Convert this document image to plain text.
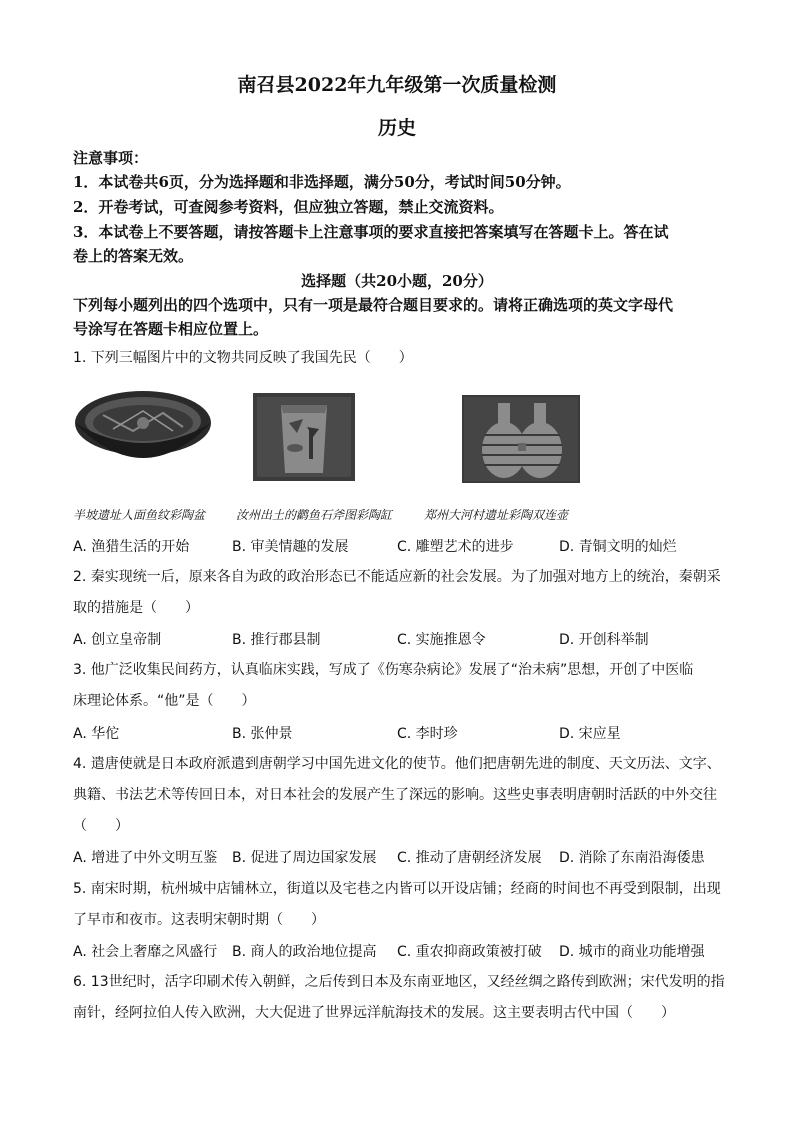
南召县2022年九年级第一次质量检测
历史
注意事项：
1．本试卷共6页，分为选择题和非选择题，满分50分，考试时间50分钟。
2．开卷考试，可查阅参考资料，但应独立答题，禁止交流资料。
3．本试卷上不要答题，请按答题卡上注意事项的要求直接把答案填写在答题卡上。答在试
卷上的答案无效。
选择题（共20小题，20分）
下列每小题列出的四个选项中，只有一项是最符合题目要求的。请将正确选项的英文字母代
号涂写在答题卡相应位置上。
1. 下列三幅图片中的文物共同反映了我国先民（　　）
半坡遗址人面鱼纹彩陶盆	汝州出土的鹳鱼石斧图彩陶缸	郑州大河村遗址彩陶双连壶
A. 渔猎生活的开始	B. 审美情趣的发展	C. 雕塑艺术的进步	D. 青铜文明的灿烂
2. 秦实现统一后，原来各自为政的政治形态已不能适应新的社会发展。为了加强对地方上的统治，秦朝采
取的措施是（　　）
A. 创立皇帝制	B. 推行郡县制	C. 实施推恩令	D. 开创科举制
3. 他广泛收集民间药方，认真临床实践，写成了《伤寒杂病论》发展了“治未病”思想，开创了中医临
床理论体系。“他”是（　　）
A. 华佗	B. 张仲景	C. 李时珍	D. 宋应星
4. 遣唐使就是日本政府派遣到唐朝学习中国先进文化的使节。他们把唐朝先进的制度、天文历法、文字、
典籍、书法艺术等传回日本，对日本社会的发展产生了深远的影响。这些史事表明唐朝时活跃的中外交往
（　　）
A. 增进了中外文明互鉴 B. 促进了周边国家发展 C. 推动了唐朝经济发展 D. 消除了东南沿海倭患
5. 南宋时期，杭州城中店铺林立，街道以及宅巷之内皆可以开设店铺；经商的时间也不再受到限制，出现
了早市和夜市。这表明宋朝时期（　　）
A. 社会上奢靡之风盛行 B. 商人的政治地位提高 C. 重农抑商政策被打破 D. 城市的商业功能增强
6. 13世纪时，活字印刷术传入朝鲜，之后传到日本及东南亚地区，又经丝绸之路传到欧洲；宋代发明的指
南针，经阿拉伯人传入欧洲，大大促进了世界远洋航海技术的发展。这主要表明古代中国（　　）
